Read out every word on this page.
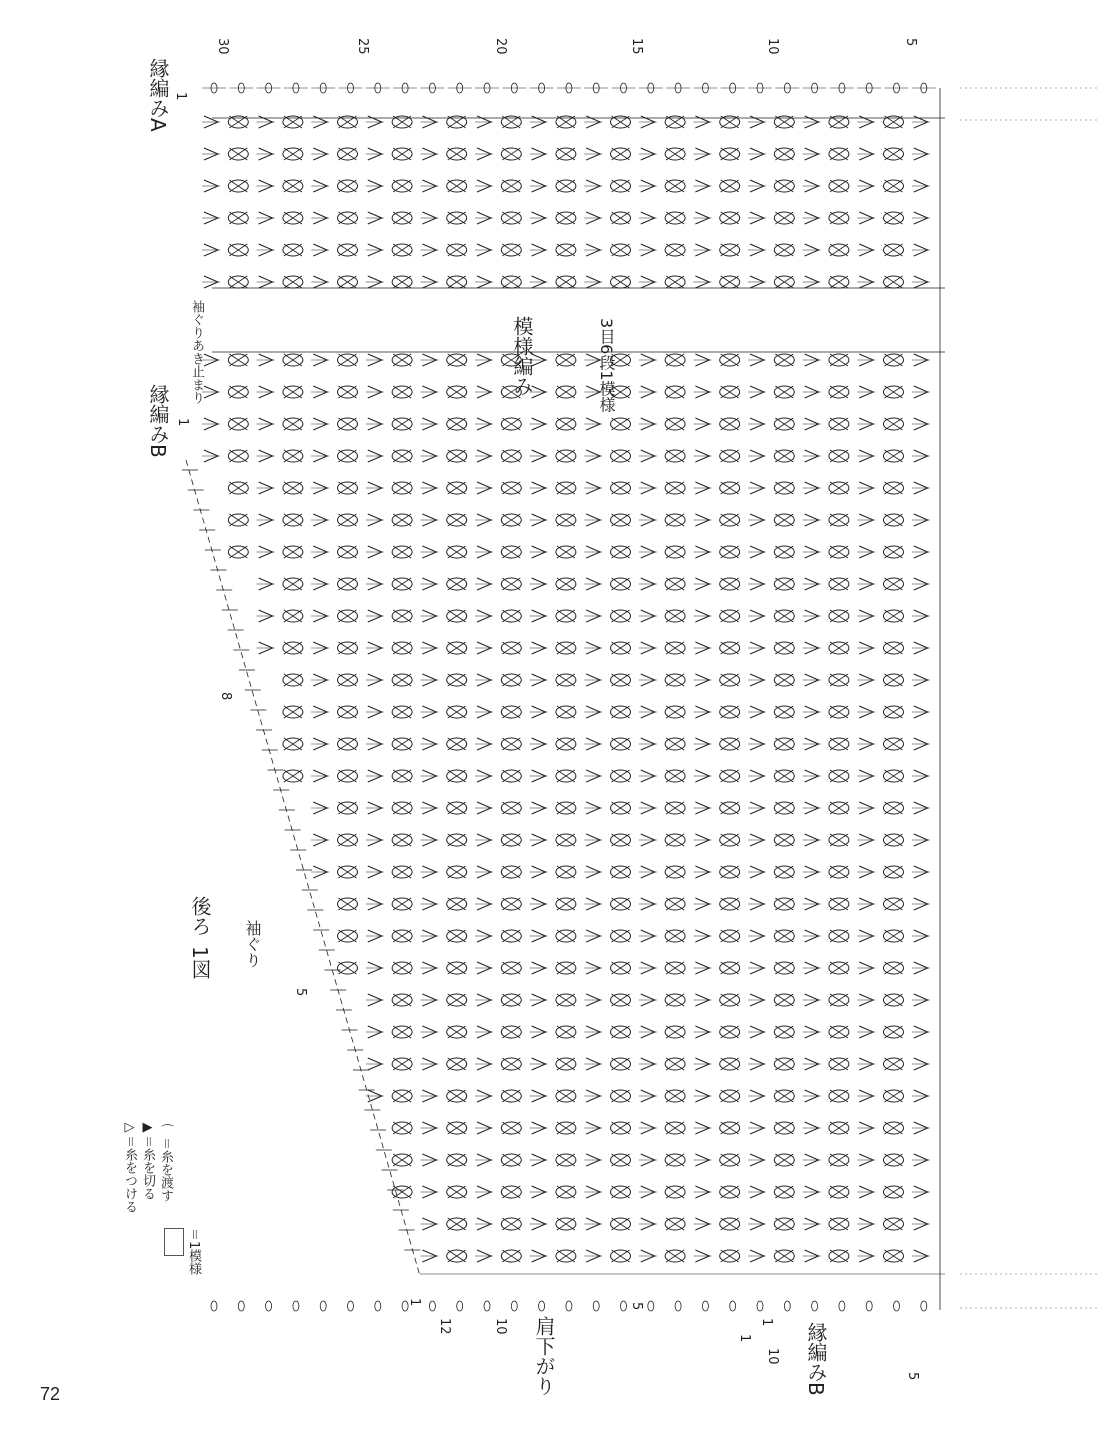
30	25	20	15	10	5
縁編みA 1
縁編みB
袖ぐりあき止まり
1
模様編み	3目6段1模様
8
1図
後ろ
袖ぐり
5
肩下がり	縁編みB
1
12	10
5
1
10
1
5
▷＝糸をつける
▶＝糸を切る
⌒＝糸を渡す
＝1模様
72
